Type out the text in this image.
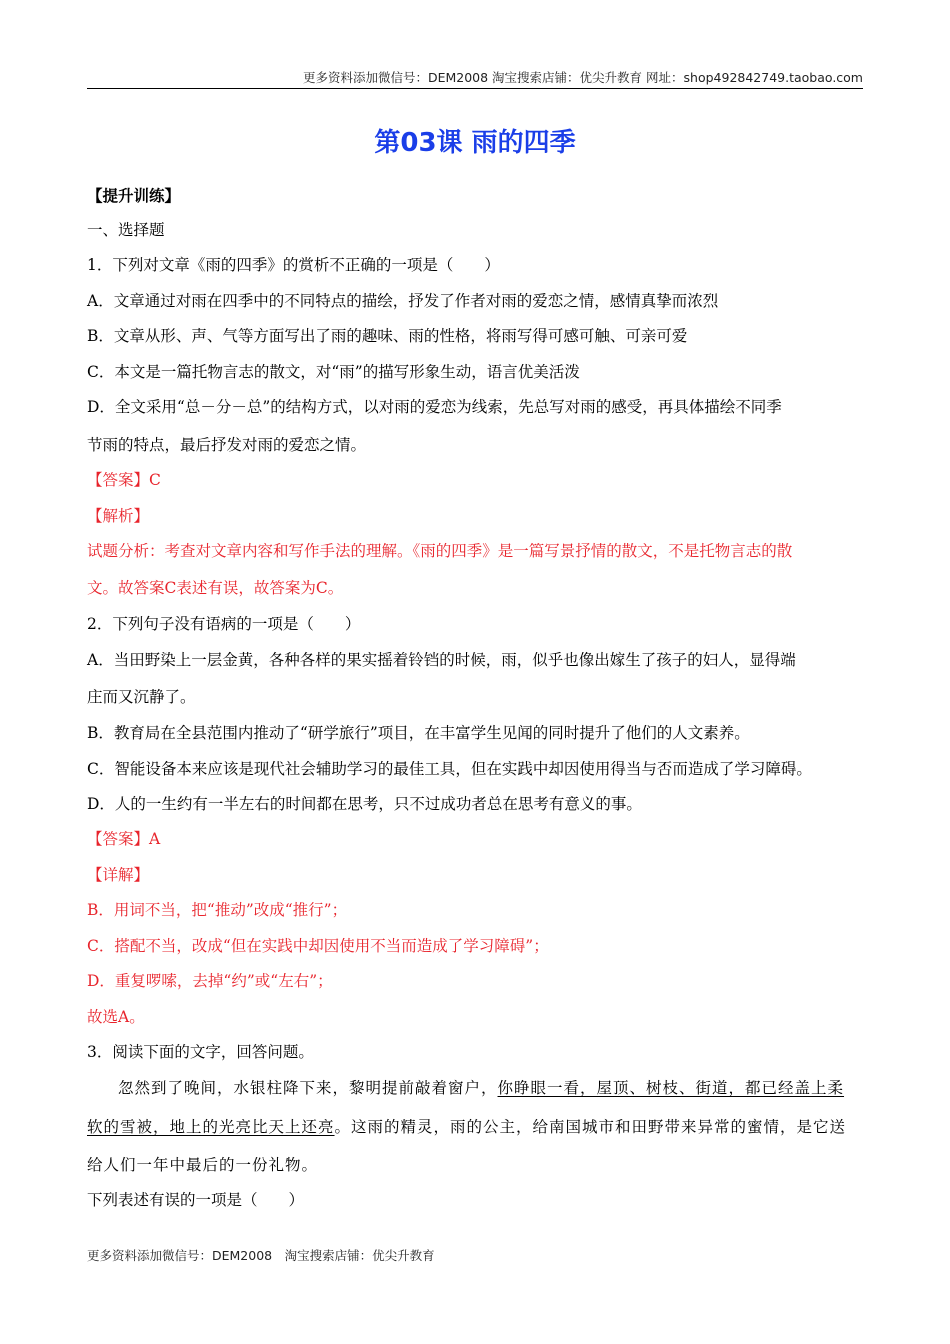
更多资料添加微信号：DEM2008 淘宝搜索店铺：优尖升教育 网址：shop492842749.taobao.com
第03课 雨的四季
【提升训练】
一、选择题
1．下列对文章《雨的四季》的赏析不正确的一项是（　　）
A．文章通过对雨在四季中的不同特点的描绘，抒发了作者对雨的爱恋之情，感情真挚而浓烈
B．文章从形、声、气等方面写出了雨的趣味、雨的性格，将雨写得可感可触、可亲可爱
C．本文是一篇托物言志的散文，对“雨”的描写形象生动，语言优美活泼
D．全文采用“总－分－总”的结构方式，以对雨的爱恋为线索，先总写对雨的感受，再具体描绘不同季
节雨的特点，最后抒发对雨的爱恋之情。
【答案】C
【解析】
试题分析：考查对文章内容和写作手法的理解。《雨的四季》是一篇写景抒情的散文，不是托物言志的散
文。故答案C表述有误，故答案为C。
2．下列句子没有语病的一项是（　　）
A．当田野染上一层金黄，各种各样的果实摇着铃铛的时候，雨，似乎也像出嫁生了孩子的妇人，显得端
庄而又沉静了。
B．教育局在全县范围内推动了“研学旅行”项目，在丰富学生见闻的同时提升了他们的人文素养。
C．智能设备本来应该是现代社会辅助学习的最佳工具，但在实践中却因使用得当与否而造成了学习障碍。
D．人的一生约有一半左右的时间都在思考，只不过成功者总在思考有意义的事。
【答案】A
【详解】
B．用词不当，把“推动”改成“推行”；
C．搭配不当，改成“但在实践中却因使用不当而造成了学习障碍”；
D．重复啰嗦，去掉“约”或“左右”；
故选A。
3．阅读下面的文字，回答问题。
忽然到了晚间，水银柱降下来，黎明提前敲着窗户，你睁眼一看，屋顶、树枝、街道，都已经盖上柔
软的雪被，地上的光亮比天上还亮。这雨的精灵，雨的公主，给南国城市和田野带来异常的蜜情，是它送
给人们一年中最后的一份礼物。
下列表述有误的一项是（　　）
更多资料添加微信号：DEM2008　淘宝搜索店铺：优尖升教育
